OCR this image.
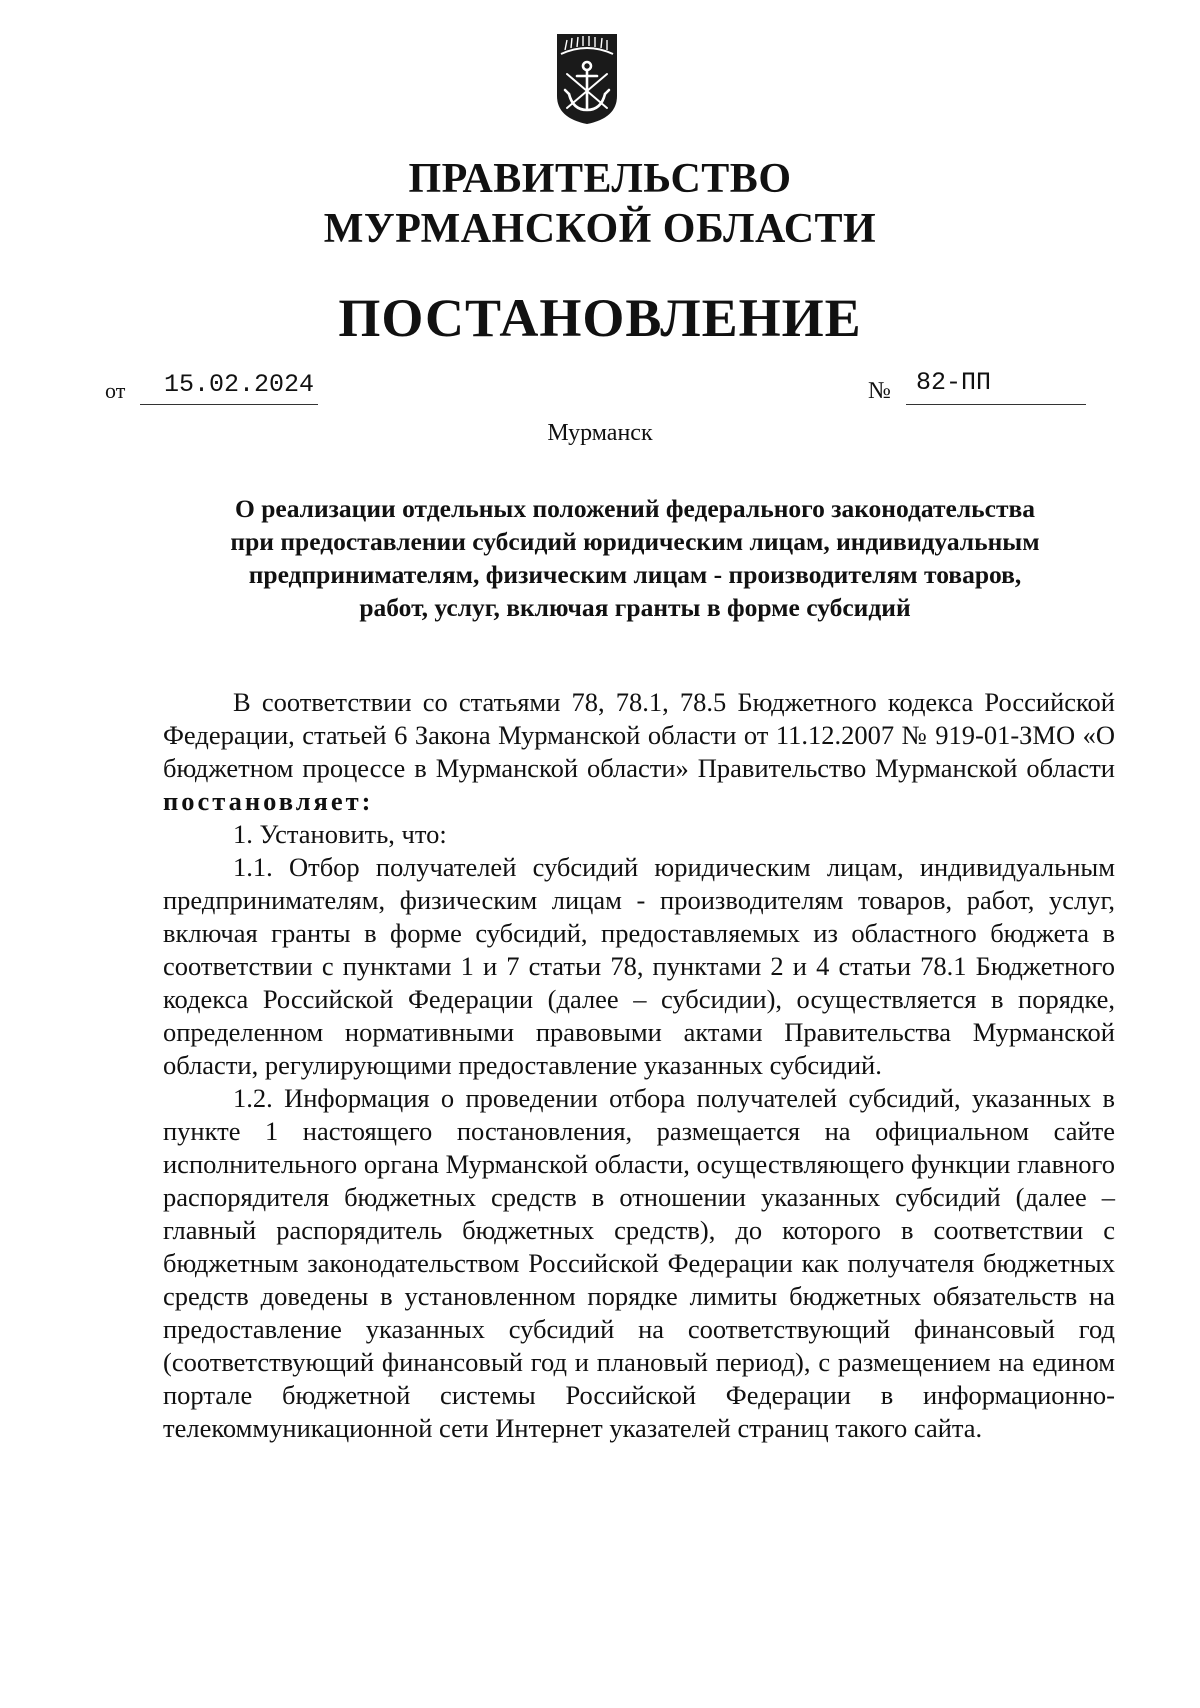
ПРАВИТЕЛЬСТВО
МУРМАНСКОЙ ОБЛАСТИ
ПОСТАНОВЛЕНИЕ
от 15.02.2024	№ 82-ПП
Мурманск
О реализации отдельных положений федерального законодательства
при предоставлении субсидий юридическим лицам, индивидуальным
предпринимателям, физическим лицам - производителям товаров,
работ, услуг, включая гранты в форме субсидий

В соответствии со статьями 78, 78.1, 78.5 Бюджетного кодекса Российской Федерации, статьей 6 Закона Мурманской области от 11.12.2007 № 919-01-ЗМО «О бюджетном процессе в Мурманской области» Правительство Мурманской области постановляет:

1. Установить, что:

1.1. Отбор получателей субсидий юридическим лицам, индивидуальным предпринимателям, физическим лицам - производителям товаров, работ, услуг, включая гранты в форме субсидий, предоставляемых из областного бюджета в соответствии с пунктами 1 и 7 статьи 78, пунктами 2 и 4 статьи 78.1 Бюджетного кодекса Российской Федерации (далее – субсидии), осуществляется в порядке, определенном нормативными правовыми актами Правительства Мурманской области, регулирующими предоставление указанных субсидий.

1.2. Информация о проведении отбора получателей субсидий, указанных в пункте 1 настоящего постановления, размещается на официальном сайте исполнительного органа Мурманской области, осуществляющего функции главного распорядителя бюджетных средств в отношении указанных субсидий (далее – главный распорядитель бюджетных средств), до которого в соответствии с бюджетным законодательством Российской Федерации как получателя бюджетных средств доведены в установленном порядке лимиты бюджетных обязательств на предоставление указанных субсидий на соответствующий финансовый год (соответствующий финансовый год и плановый период), с размещением на едином портале бюджетной системы Российской Федерации в информационно-телекоммуникационной сети Интернет указателей страниц такого сайта.
